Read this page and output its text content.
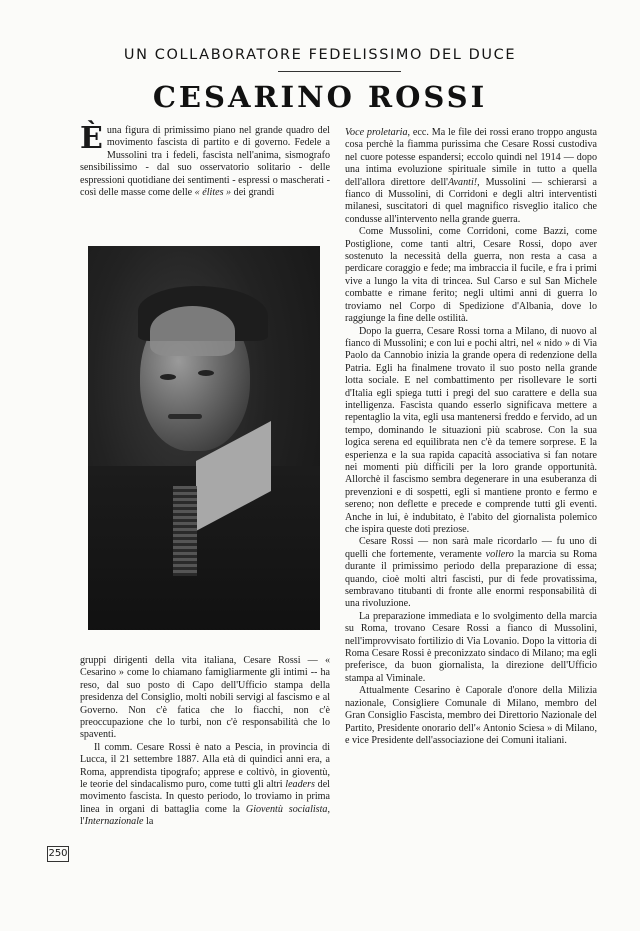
UN COLLABORATORE FEDELISSIMO DEL DUCE
CESARINO ROSSI

È una figura di primissimo piano nel grande quadro del movimento fascista di partito e di governo. Fedele a Mussolini tra i fedeli, fascista nell'anima, sismografo sensibilissimo - dal suo osservatorio solitario - delle espressioni quotidiane dei sentimenti - espressi o mascherati - così delle masse come delle « élites » dei grandi

gruppi dirigenti della vita italiana, Cesare Rossi — « Cesarino » come lo chiamano famigliarmente gli intimi -- ha reso, dal suo posto di Capo dell'Ufficio stampa della presidenza del Consiglio, molti nobili servigi al fascismo e al Governo. Non c'è fatica che lo fiacchi, non c'è preoccupazione che lo turbi, non c'è responsabilità che lo spaventi.

Il comm. Cesare Rossi è nato a Pescia, in provincia di Lucca, il 21 settembre 1887. Alla età di quindici anni era, a Roma, apprendista tipografo; apprese e coltivò, in gioventù, le teorie del sindacalismo puro, come tutti gli altri leaders del movimento fascista. In questo periodo, lo troviamo in prima linea in organi di battaglia come la Gioventù socialista, l'Internazionale la

250

Voce proletaria, ecc. Ma le file dei rossi erano troppo angusta cosa perchè la fiamma purissima che Cesare Rossi custodiva nel cuore potesse espandersi; eccolo quindi nel 1914 — dopo una intima evoluzione spirituale simile in tutto a quella dell'allora direttore dell'Avanti!, Mussolini — schierarsi a fianco di Mussolini, di Corridoni e degli altri interventisti milanesi, suscitatori di quel magnifico risveglio italico che condusse all'intervento nella grande guerra.

Come Mussolini, come Corridoni, come Bazzi, come Postiglione, come tanti altri, Cesare Rossi, dopo aver sostenuto la necessità della guerra, non resta a casa a perdicare coraggio e fede; ma imbraccia il fucile, e fra i primi vive a lungo la vita di trincea. Sul Carso e sul San Michele combatte e rimane ferito; negli ultimi anni di guerra lo troviamo nel Corpo di Spedizione d'Albania, dove lo raggiunge la fine delle ostilità.

Dopo la guerra, Cesare Rossi torna a Milano, di nuovo al fianco di Mussolini; e con lui e pochi altri, nel « nido » di Via Paolo da Cannobio inizia la grande opera di redenzione della Patria. Egli ha finalmene trovato il suo posto nella grande lotta sociale. E nel combattimento per risollevare le sorti d'Italia egli spiega tutti i pregi del suo carattere e della sua intelligenza. Fascista quando esserlo significava mettere a repentaglio la vita, egli usa mantenersi freddo e fervido, ad un tempo, dominando le situazioni più scabrose. Con la sua logica serena ed equilibrata nen c'è da temere sorprese. E la esperienza e la sua rapida capacità associativa si fan notare nei momenti più difficili per la loro grande opportunità. Allorchè il fascismo sembra degenerare in una esuberanza di prevenzioni e di sospetti, egli si mantiene pronto e fermo e sereno; non deflette e precede e comprende tutti gli eventi. Anche in lui, è indubitato, è l'abito del giornalista polemico che ispira queste doti preziose.

Cesare Rossi — non sarà male ricordarlo — fu uno di quelli che fortemente, veramente vollero la marcia su Roma durante il primissimo periodo della preparazione di essa; quando, cioè molti altri fascisti, pur di fede provatissima, sembravano titubanti di fronte alle enormi responsabilità di una rivoluzione.

La preparazione immediata e lo svolgimento della marcia su Roma, trovano Cesare Rossi a fianco di Mussolini, nell'improvvisato fortilizio di Via Lovanio. Dopo la vittoria di Roma Cesare Rossi è preconizzato sindaco di Milano; ma egli preferisce, da buon giornalista, la direzione dell'Ufficio stampa al Viminale.

Attualmente Cesarino è Caporale d'onore della Milizia nazionale, Consigliere Comunale di Milano, membro del Gran Consiglio Fascista, membro dei Direttorio Nazionale del Partito, Presidente onorario dell'« Antonio Sciesa » di Milano, e vice Presidente dell'associazione dei Comuni italiani.
